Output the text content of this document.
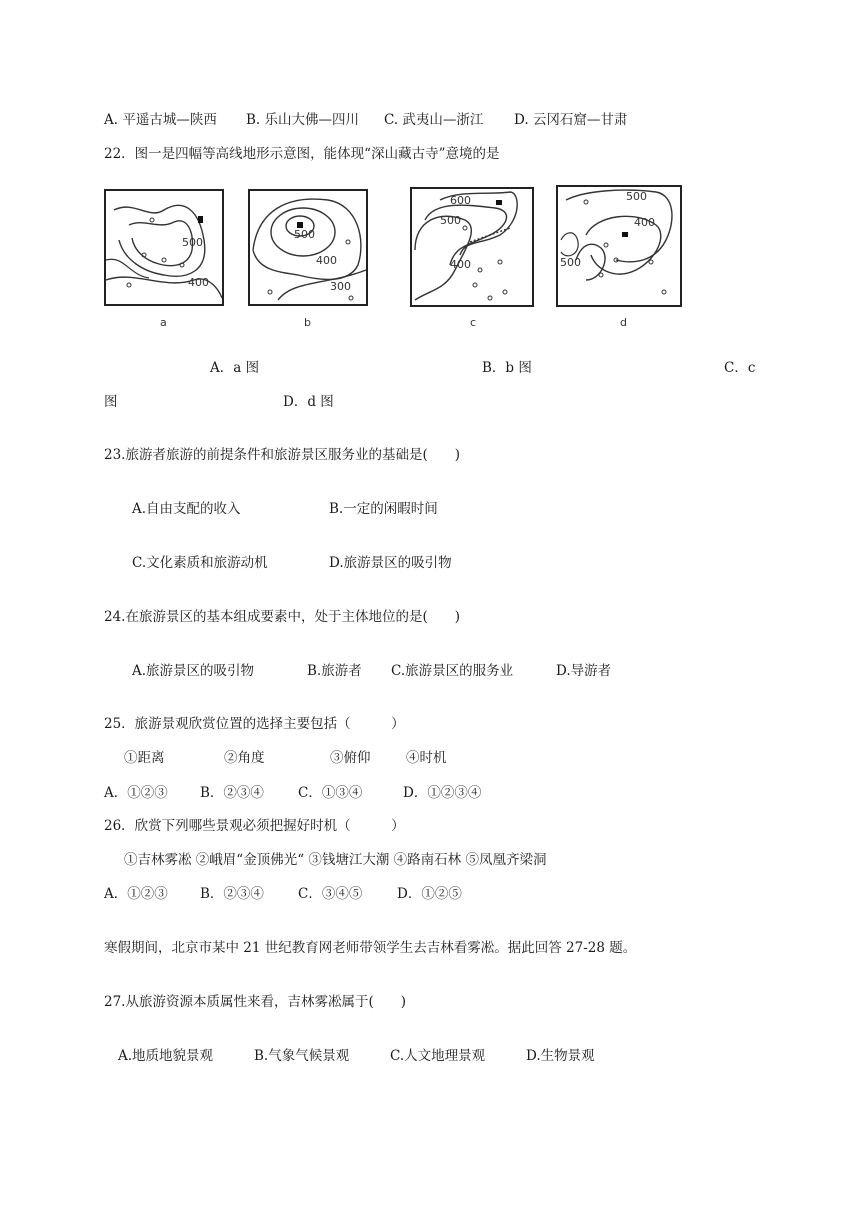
A. 平遥古城—陕西 B. 乐山大佛—四川 C. 武夷山—浙江 D. 云冈石窟—甘肃
22．图一是四幅等高线地形示意图，能体现“深山藏古寺”意境的是
500
400
a
500
400
300
b
600
500
400
c
500
400
500
d
A．a 图	B．b 图	C．c
图	D．d 图
23.旅游者旅游的前提条件和旅游景区服务业的基础是(　　)
A.自由支配的收入	B.一定的闲暇时间
C.文化素质和旅游动机	D.旅游景区的吸引物
24.在旅游景区的基本组成要素中，处于主体地位的是(　　)
A.旅游景区的吸引物	B.旅游者 C.旅游景区的服务业	D.导游者
25．旅游景观欣赏位置的选择主要包括（　　　）
①距离	②角度	③俯仰	④时机
A．①②③ B．②③④	C．①③④	D．①②③④
26．欣赏下列哪些景观必须把握好时机（　　　）
①吉林雾凇 ②峨眉“金顶佛光“ ③钱塘江大潮 ④路南石林 ⑤凤凰齐梁洞
A．①②③ B．②③④	C．③④⑤	D．①②⑤
寒假期间，北京市某中 21 世纪教育网老师带领学生去吉林看雾凇。据此回答 27-28 题。
27.从旅游资源本质属性来看，吉林雾凇属于(　　)
A.地质地貌景观	B.气象气候景观	C.人文地理景观	D.生物景观
